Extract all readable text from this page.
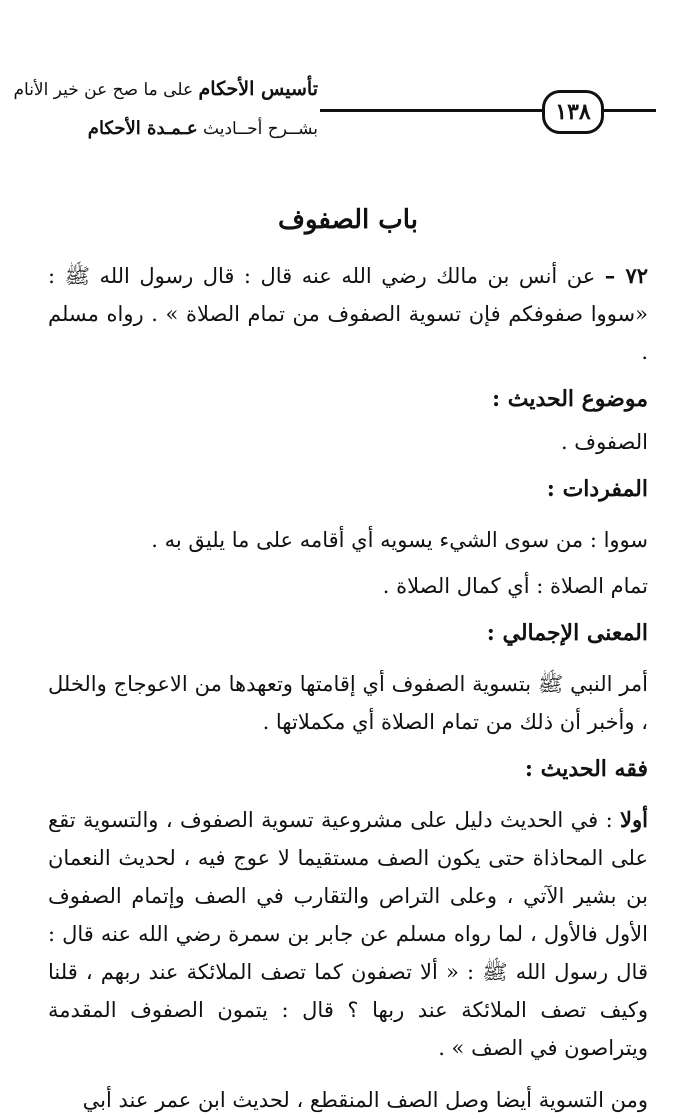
تأسيس الأحكام على ما صح عن خير الأنام
١٣٨
بشــرح أحــاديث عـمـدة الأحكام
باب الصفوف

٧٢ – عن أنس بن مالك رضي الله عنه قال : قال رسول الله ﷺ : «سووا صفوفكم فإن تسوية الصفوف من تمام الصلاة » . رواه مسلم .

موضوع الحديث :

الصفوف .

المفردات :

سووا : من سوى الشيء يسويه أي أقامه على ما يليق به .

تمام الصلاة : أي كمال الصلاة .

المعنى الإجمالي :

أمر النبي ﷺ بتسوية الصفوف أي إقامتها وتعهدها من الاعوجاج والخلل ، وأخبر أن ذلك من تمام الصلاة أي مكملاتها .

فقه الحديث :

أولا : في الحديث دليل على مشروعية تسوية الصفوف ، والتسوية تقع على المحاذاة حتى يكون الصف مستقيما لا عوج فيه ، لحديث النعمان بن بشير الآتي ، وعلى التراص والتقارب في الصف وإتمام الصفوف الأول فالأول ، لما رواه مسلم عن جابر بن سمرة رضي الله عنه قال : قال رسول الله ﷺ : « ألا تصفون كما تصف الملائكة عند ربهم ، قلنا وكيف تصف الملائكة عند ربها ؟ قال : يتمون الصفوف المقدمة ويتراصون في الصف » .

ومن التسوية أيضا وصل الصف المنقطع ، لحديث ابن عمر عند أبي
